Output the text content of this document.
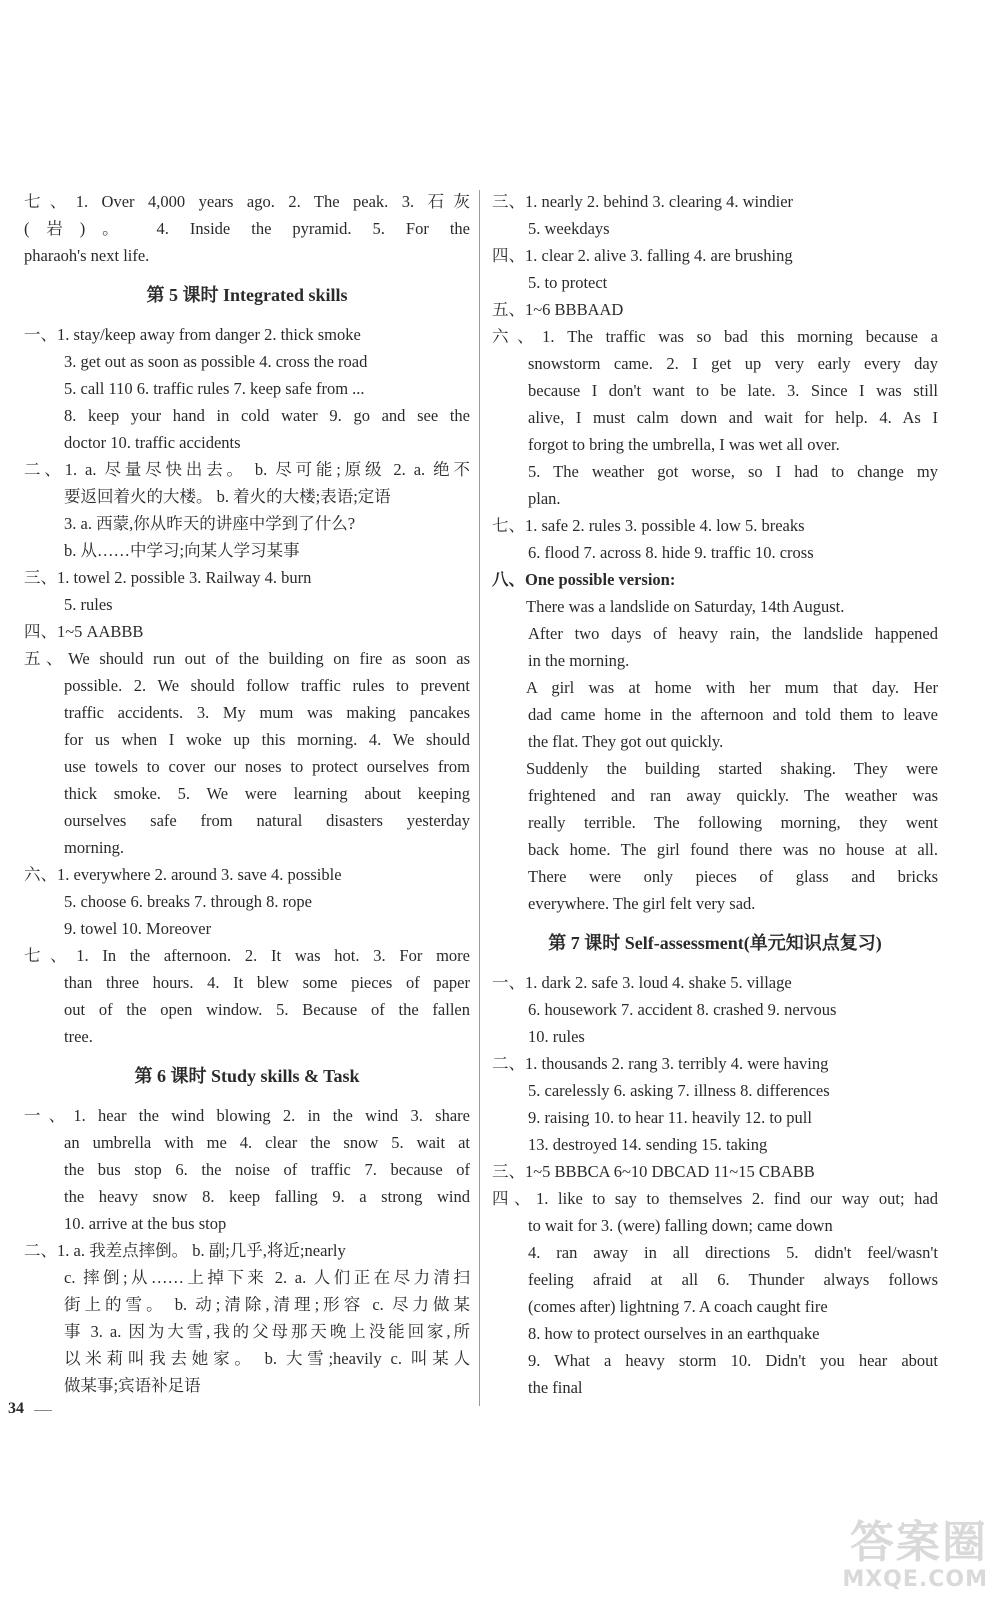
七、1. Over 4,000 years ago. 2. The peak. 3. 石灰
(岩)。 4. Inside the pyramid. 5. For the
pharaoh's next life.
第 5 课时 Integrated skills
一、1. stay/keep away from danger 2. thick smoke
3. get out as soon as possible 4. cross the road
5. call 110 6. traffic rules 7. keep safe from ...
8. keep your hand in cold water 9. go and see the
doctor 10. traffic accidents
二、1. a. 尽量尽快出去。 b. 尽可能;原级 2. a. 绝不
要返回着火的大楼。 b. 着火的大楼;表语;定语
3. a. 西蒙,你从昨天的讲座中学到了什么?
b. 从……中学习;向某人学习某事
三、1. towel 2. possible 3. Railway 4. burn
5. rules
四、1~5 AABBB
五、We should run out of the building on fire as soon as
possible. 2. We should follow traffic rules to prevent
traffic accidents. 3. My mum was making pancakes
for us when I woke up this morning. 4. We should
use towels to cover our noses to protect ourselves from
thick smoke. 5. We were learning about keeping
ourselves safe from natural disasters yesterday
morning.
六、1. everywhere 2. around 3. save 4. possible
5. choose 6. breaks 7. through 8. rope
9. towel 10. Moreover
七、1. In the afternoon. 2. It was hot. 3. For more
than three hours. 4. It blew some pieces of paper
out of the open window. 5. Because of the fallen
tree.
第 6 课时 Study skills & Task
一、1. hear the wind blowing 2. in the wind 3. share
an umbrella with me 4. clear the snow 5. wait at
the bus stop 6. the noise of traffic 7. because of
the heavy snow 8. keep falling 9. a strong wind
10. arrive at the bus stop
二、1. a. 我差点摔倒。 b. 副;几乎,将近;nearly
c. 摔倒;从……上掉下来 2. a. 人们正在尽力清扫
街上的雪。 b. 动;清除,清理;形容 c. 尽力做某
事 3. a. 因为大雪,我的父母那天晚上没能回家,所
以米莉叫我去她家。 b. 大雪;heavily c. 叫某人
做某事;宾语补足语
三、1. nearly 2. behind 3. clearing 4. windier
5. weekdays
四、1. clear 2. alive 3. falling 4. are brushing
5. to protect
五、1~6 BBBAAD
六、1. The traffic was so bad this morning because a
snowstorm came. 2. I get up very early every day
because I don't want to be late. 3. Since I was still
alive, I must calm down and wait for help. 4. As I
forgot to bring the umbrella, I was wet all over.
5. The weather got worse, so I had to change my
plan.
七、1. safe 2. rules 3. possible 4. low 5. breaks
6. flood 7. across 8. hide 9. traffic 10. cross
八、One possible version:
There was a landslide on Saturday, 14th August.
After two days of heavy rain, the landslide happened
in the morning.
A girl was at home with her mum that day. Her
dad came home in the afternoon and told them to leave
the flat. They got out quickly.
Suddenly the building started shaking. They were
frightened and ran away quickly. The weather was
really terrible. The following morning, they went
back home. The girl found there was no house at all.
There were only pieces of glass and bricks
everywhere. The girl felt very sad.
第 7 课时 Self-assessment(单元知识点复习)
一、1. dark 2. safe 3. loud 4. shake 5. village
6. housework 7. accident 8. crashed 9. nervous
10. rules
二、1. thousands 2. rang 3. terribly 4. were having
5. carelessly 6. asking 7. illness 8. differences
9. raising 10. to hear 11. heavily 12. to pull
13. destroyed 14. sending 15. taking
三、1~5 BBBCA 6~10 DBCAD 11~15 CBABB
四、1. like to say to themselves 2. find our way out; had
to wait for 3. (were) falling down; came down
4. ran away in all directions 5. didn't feel/wasn't
feeling afraid at all 6. Thunder always follows
(comes after) lightning 7. A coach caught fire
8. how to protect ourselves in an earthquake
9. What a heavy storm 10. Didn't you hear about
the final
34
答案圈
MXQE.COM
